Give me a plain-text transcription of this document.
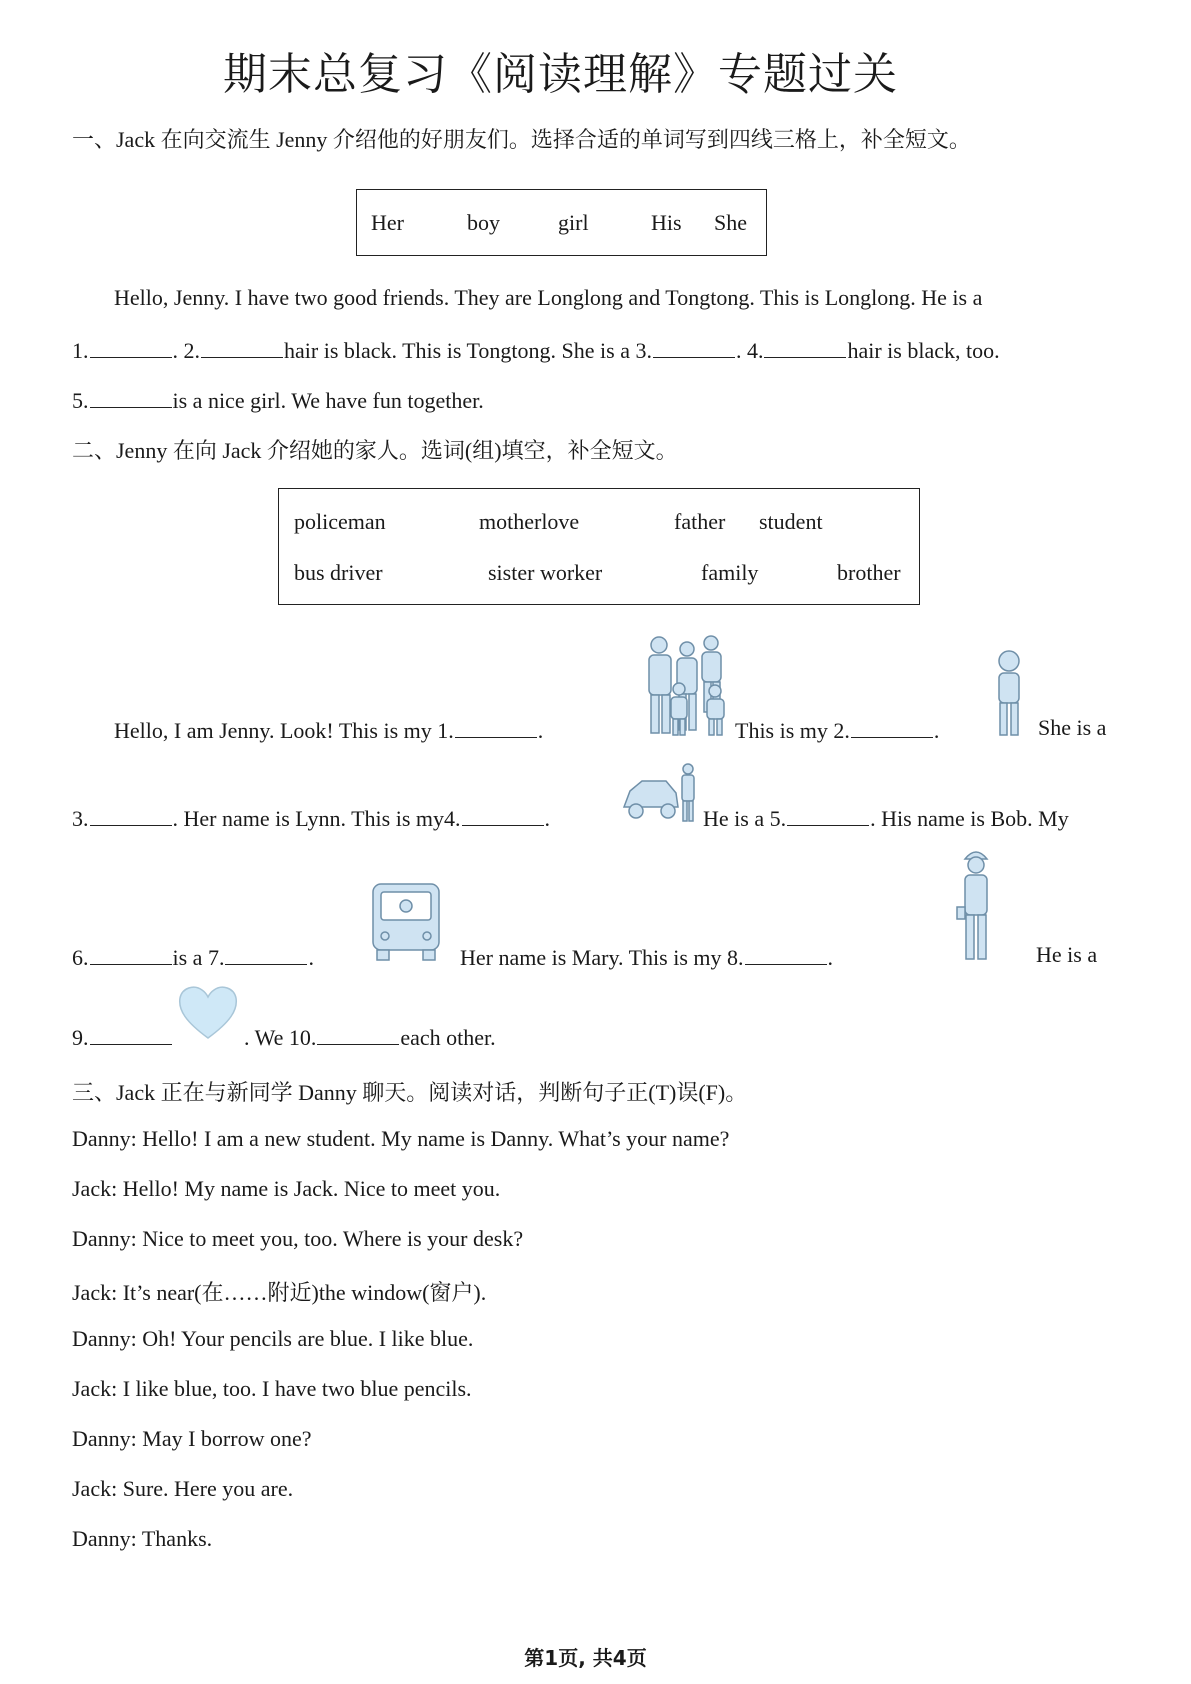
期末总复习《阅读理解》专题过关
一、Jack 在向交流生 Jenny 介绍他的好朋友们。选择合适的单词写到四线三格上，补全短文。
Her	boy	girl	His She
Hello, Jenny. I have two good friends. They are Longlong and Tongtong. This is Longlong. He is a
1.	. 2.	hair is black. This is Tongtong. She is a 3.	. 4.	hair is black, too.
5.	is a nice girl. We have fun together.
二、Jenny 在向 Jack 介绍她的家人。选词(组)填空，补全短文。
policeman	motherlove	father student
bus driver	sister worker	family	brother
Hello, I am Jenny. Look! This is my 1.	.	This is my 2.	.	She is a
3.	. Her name is Lynn. This is my4.	.	He is a 5.	. His name is Bob. My
6.	is a 7.	.	Her name is Mary. This is my 8.	.	He is a
9.	. We 10.	each other.
三、Jack 正在与新同学 Danny 聊天。阅读对话，判断句子正(T)误(F)。
Danny: Hello! I am a new student. My name is Danny. What’s your name?
Jack: Hello! My name is Jack. Nice to meet you.
Danny: Nice to meet you, too. Where is your desk?
Jack: It’s near(在……附近)the window(窗户).
Danny: Oh! Your pencils are blue. I like blue.
Jack: I like blue, too. I have two blue pencils.
Danny: May I borrow one?
Jack: Sure. Here you are.
Danny: Thanks.
第1页, 共4页
